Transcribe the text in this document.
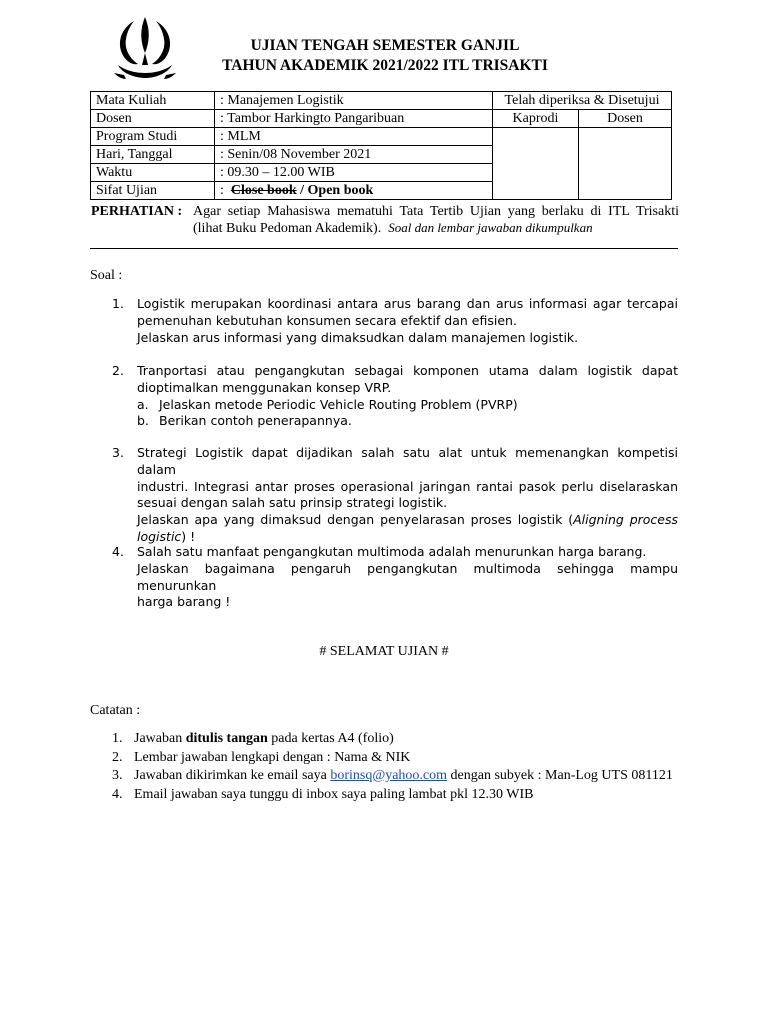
UJIAN TENGAH SEMESTER GANJIL
TAHUN AKADEMIK 2021/2022 ITL TRISAKTI
Mata Kuliah	: Manajemen Logistik	Telah diperiksa & Disetujui	
Dosen	: Tambor Harkingto Pangaribuan	Kaprodi	Dosen
Program Studi	: MLM		
Hari, Tanggal	: Senin/08 November 2021		
Waktu	: 09.30 – 12.00 WIB		
Sifat Ujian	: Close book / Open book		
PERHATIAN : Agar setiap Mahasiswa mematuhi Tata Tertib Ujian yang berlaku di ITL Trisakti
(lihat Buku Pedoman Akademik). Soal dan lembar jawaban dikumpulkan
Soal :
1. Logistik merupakan koordinasi antara arus barang dan arus informasi agar tercapai
pemenuhan kebutuhan konsumen secara efektif dan efisien.
Jelaskan arus informasi yang dimaksudkan dalam manajemen logistik.
2. Tranportasi atau pengangkutan sebagai komponen utama dalam logistik dapat
dioptimalkan menggunakan konsep VRP.
a. Jelaskan metode Periodic Vehicle Routing Problem (PVRP)
b. Berikan contoh penerapannya.
3. Strategi Logistik dapat dijadikan salah satu alat untuk memenangkan kompetisi dalam
industri. Integrasi antar proses operasional jaringan rantai pasok perlu diselaraskan
sesuai dengan salah satu prinsip strategi logistik.
Jelaskan apa yang dimaksud dengan penyelarasan proses logistik (Aligning process
logistic) !
4. Salah satu manfaat pengangkutan multimoda adalah menurunkan harga barang.
Jelaskan bagaimana pengaruh pengangkutan multimoda sehingga mampu menurunkan
harga barang !
# SELAMAT UJIAN #
Catatan :
1. Jawaban ditulis tangan pada kertas A4 (folio)
2. Lembar jawaban lengkapi dengan : Nama & NIK
3. Jawaban dikirimkan ke email saya borinsq@yahoo.com dengan subyek : Man-Log UTS 081121
4. Email jawaban saya tunggu di inbox saya paling lambat pkl 12.30 WIB
